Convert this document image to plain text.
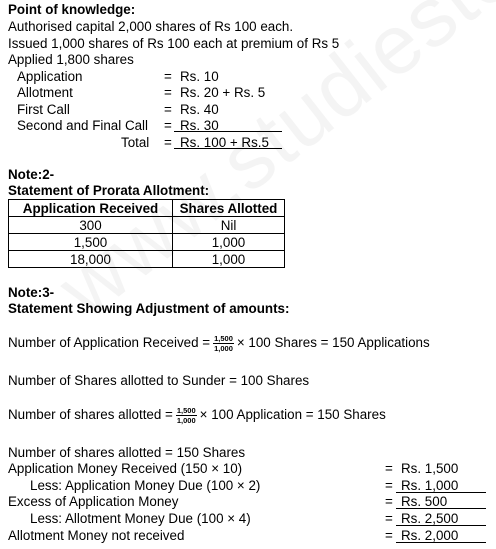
Point of knowledge:
Authorised capital 2,000 shares of Rs 100 each.
Issued 1,000 shares of Rs 100 each at premium of Rs 5
Applied 1,800 shares
Application	= Rs. 10
Allotment	= Rs. 20 + Rs. 5
First Call	= Rs. 40
Second and Final Call = Rs. 30
Total = Rs. 100 + Rs.5
Note:2-
Statement of Prorata Allotment:
Application Received	Shares Allotted
300	Nil
1,500	1,000
18,000	1,000
Note:3-
Statement Showing Adjustment of amounts:
Number of Application Received = $\frac{1,500}{1,000} \times 100$ Shares = 150 Applications
Number of Shares allotted to Sunder = 100 Shares
Number of shares allotted = $\frac{1,500}{1,000} \times 100$ Application = 150 Shares
Number of shares allotted = 150 Shares
Application Money Received (150 × 10)	= Rs. 1,500
Less: Application Money Due (100 × 2)	= Rs. 1,000
Excess of Application Money	= Rs. 500
Less: Allotment Money Due (100 × 4)	= Rs. 2,500
Allotment Money not received	= Rs. 2,000
